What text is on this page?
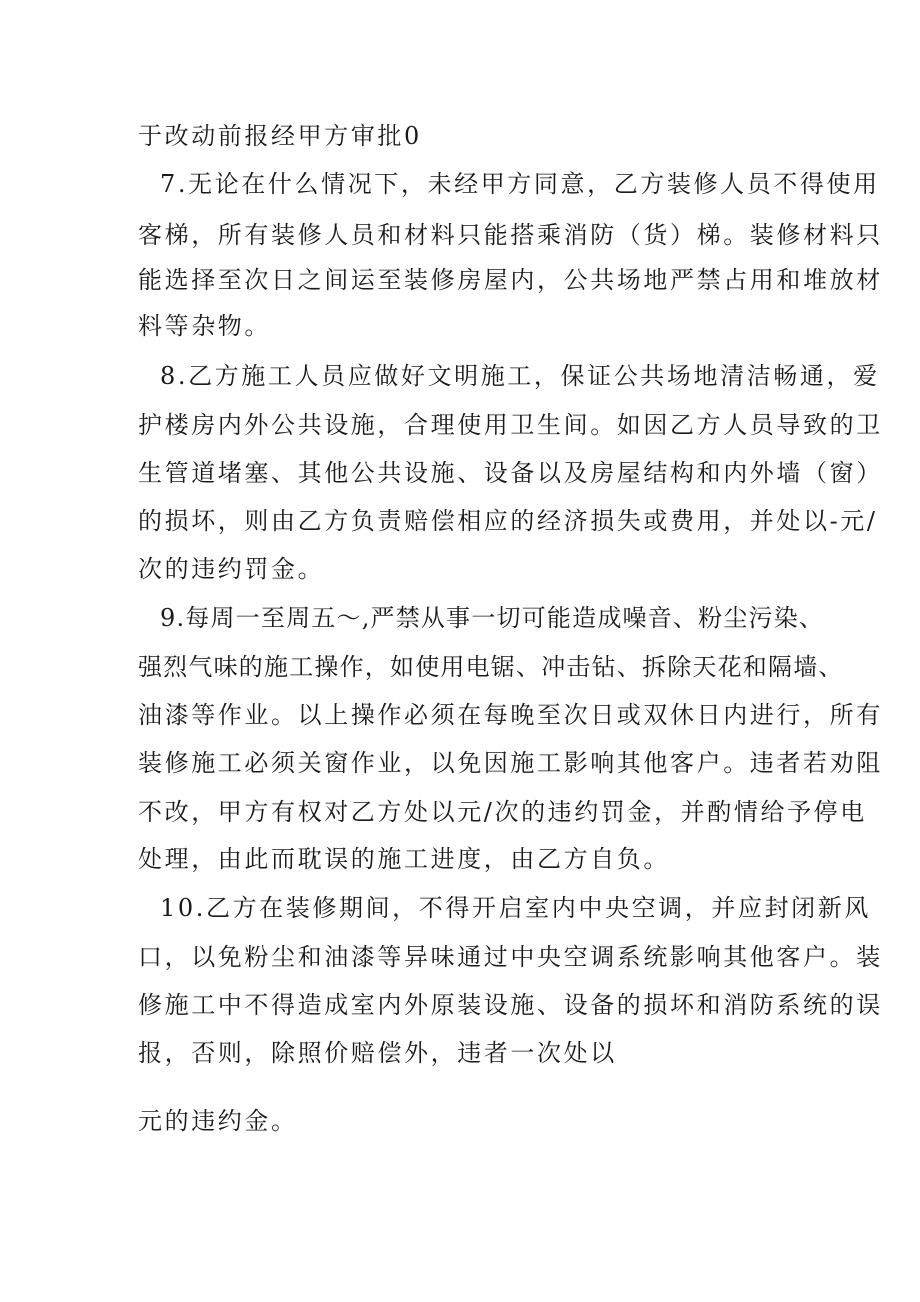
于改动前报经甲方审批0
7.无论在什么情况下，未经甲方同意，乙方装修人员不得使用
客梯，所有装修人员和材料只能搭乘消防（货）梯。装修材料只
能选择至次日之间运至装修房屋内，公共场地严禁占用和堆放材
料等杂物。
8.乙方施工人员应做好文明施工，保证公共场地清洁畅通，爱
护楼房内外公共设施，合理使用卫生间。如因乙方人员导致的卫
生管道堵塞、其他公共设施、设备以及房屋结构和内外墙（窗）
的损坏，则由乙方负责赔偿相应的经济损失或费用，并处以-元/
次的违约罚金。
9.每周一至周五～,严禁从事一切可能造成噪音、粉尘污染、
强烈气味的施工操作，如使用电锯、冲击钻、拆除天花和隔墙、
油漆等作业。以上操作必须在每晚至次日或双休日内进行，所有
装修施工必须关窗作业，以免因施工影响其他客户。违者若劝阻
不改，甲方有权对乙方处以元/次的违约罚金，并酌情给予停电
处理，由此而耽误的施工进度，由乙方自负。
10.乙方在装修期间，不得开启室内中央空调，并应封闭新风
口，以免粉尘和油漆等异味通过中央空调系统影响其他客户。装
修施工中不得造成室内外原装设施、设备的损坏和消防系统的误
报，否则，除照价赔偿外，违者一次处以
元的违约金。
